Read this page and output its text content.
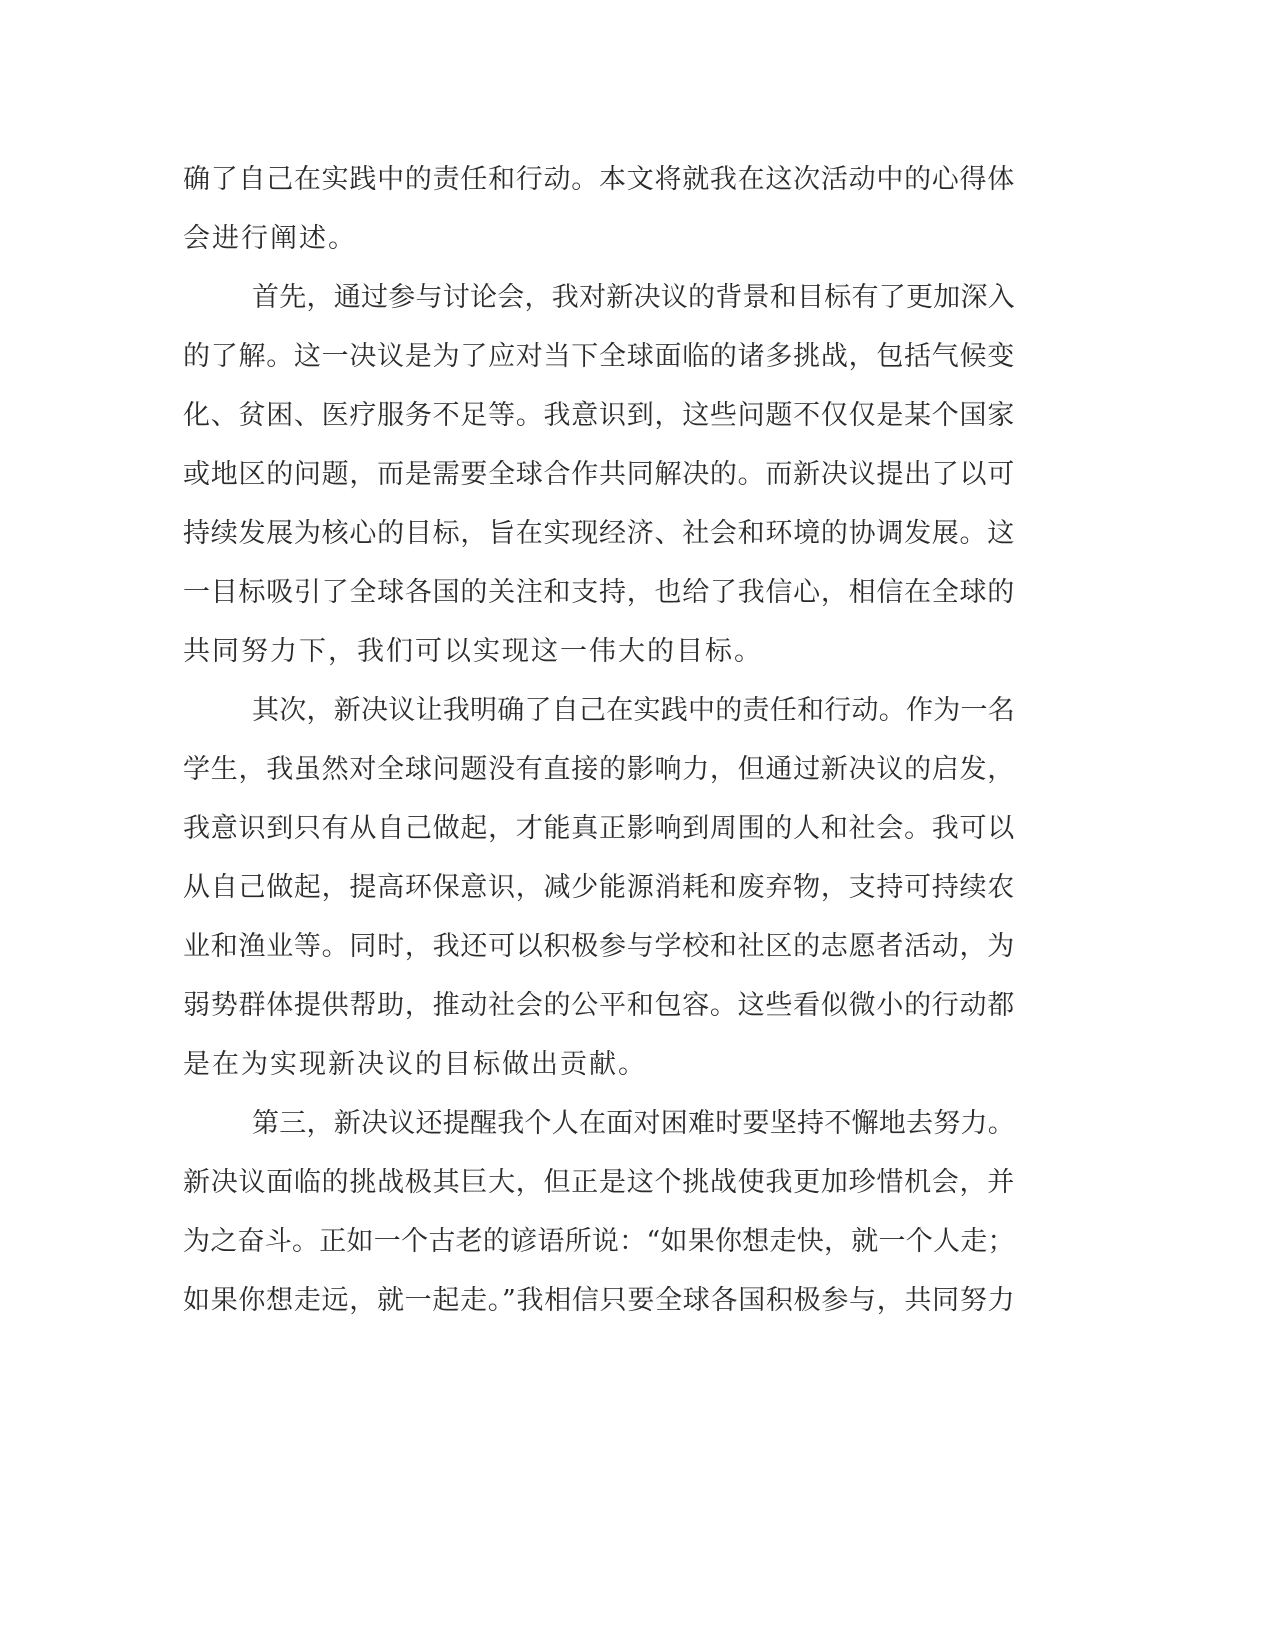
确了自己在实践中的责任和行动。本文将就我在这次活动中的心得体
会进行阐述。
首先，通过参与讨论会，我对新决议的背景和目标有了更加深入
的了解。这一决议是为了应对当下全球面临的诸多挑战，包括气候变
化、贫困、医疗服务不足等。我意识到，这些问题不仅仅是某个国家
或地区的问题，而是需要全球合作共同解决的。而新决议提出了以可
持续发展为核心的目标，旨在实现经济、社会和环境的协调发展。这
一目标吸引了全球各国的关注和支持，也给了我信心，相信在全球的
共同努力下，我们可以实现这一伟大的目标。
其次，新决议让我明确了自己在实践中的责任和行动。作为一名
学生，我虽然对全球问题没有直接的影响力，但通过新决议的启发，
我意识到只有从自己做起，才能真正影响到周围的人和社会。我可以
从自己做起，提高环保意识，减少能源消耗和废弃物，支持可持续农
业和渔业等。同时，我还可以积极参与学校和社区的志愿者活动，为
弱势群体提供帮助，推动社会的公平和包容。这些看似微小的行动都
是在为实现新决议的目标做出贡献。
第三，新决议还提醒我个人在面对困难时要坚持不懈地去努力。
新决议面临的挑战极其巨大，但正是这个挑战使我更加珍惜机会，并
为之奋斗。正如一个古老的谚语所说：“如果你想走快，就一个人走；
如果你想走远，就一起走。”我相信只要全球各国积极参与，共同努力
